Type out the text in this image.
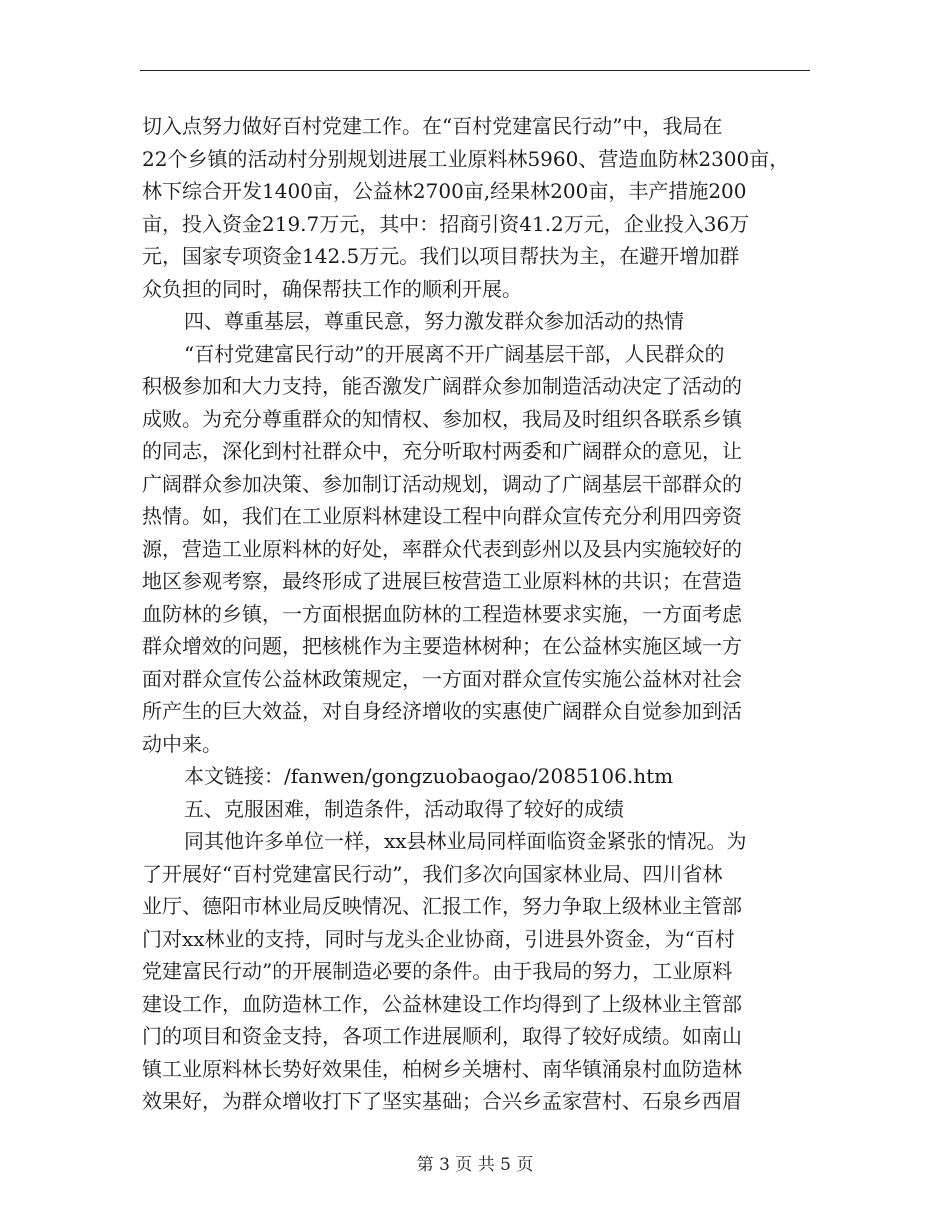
切入点努力做好百村党建工作。在“百村党建富民行动”中，我局在
22个乡镇的活动村分别规划进展工业原料林5960、营造血防林2300亩，
林下综合开发1400亩，公益林2700亩,经果林200亩，丰产措施200
亩，投入资金219.7万元，其中：招商引资41.2万元，企业投入36万
元，国家专项资金142.5万元。我们以项目帮扶为主，在避开增加群
众负担的同时，确保帮扶工作的顺利开展。
四、尊重基层，尊重民意，努力激发群众参加活动的热情
“百村党建富民行动”的开展离不开广阔基层干部，人民群众的
积极参加和大力支持，能否激发广阔群众参加制造活动决定了活动的
成败。为充分尊重群众的知情权、参加权，我局及时组织各联系乡镇
的同志，深化到村社群众中，充分听取村两委和广阔群众的意见，让
广阔群众参加决策、参加制订活动规划，调动了广阔基层干部群众的
热情。如，我们在工业原料林建设工程中向群众宣传充分利用四旁资
源，营造工业原料林的好处，率群众代表到彭州以及县内实施较好的
地区参观考察，最终形成了进展巨桉营造工业原料林的共识；在营造
血防林的乡镇，一方面根据血防林的工程造林要求实施，一方面考虑
群众增效的问题，把核桃作为主要造林树种；在公益林实施区域一方
面对群众宣传公益林政策规定，一方面对群众宣传实施公益林对社会
所产生的巨大效益，对自身经济增收的实惠使广阔群众自觉参加到活
动中来。
本文链接：/fanwen/gongzuobaogao/2085106.htm
五、克服困难，制造条件，活动取得了较好的成绩
同其他许多单位一样，xx县林业局同样面临资金紧张的情况。为
了开展好“百村党建富民行动”，我们多次向国家林业局、四川省林
业厅、德阳市林业局反映情况、汇报工作，努力争取上级林业主管部
门对xx林业的支持，同时与龙头企业协商，引进县外资金，为“百村
党建富民行动”的开展制造必要的条件。由于我局的努力，工业原料
建设工作，血防造林工作，公益林建设工作均得到了上级林业主管部
门的项目和资金支持，各项工作进展顺利，取得了较好成绩。如南山
镇工业原料林长势好效果佳，柏树乡关塘村、南华镇涌泉村血防造林
效果好，为群众增收打下了坚实基础；合兴乡孟家营村、石泉乡西眉
第 3 页 共 5 页
